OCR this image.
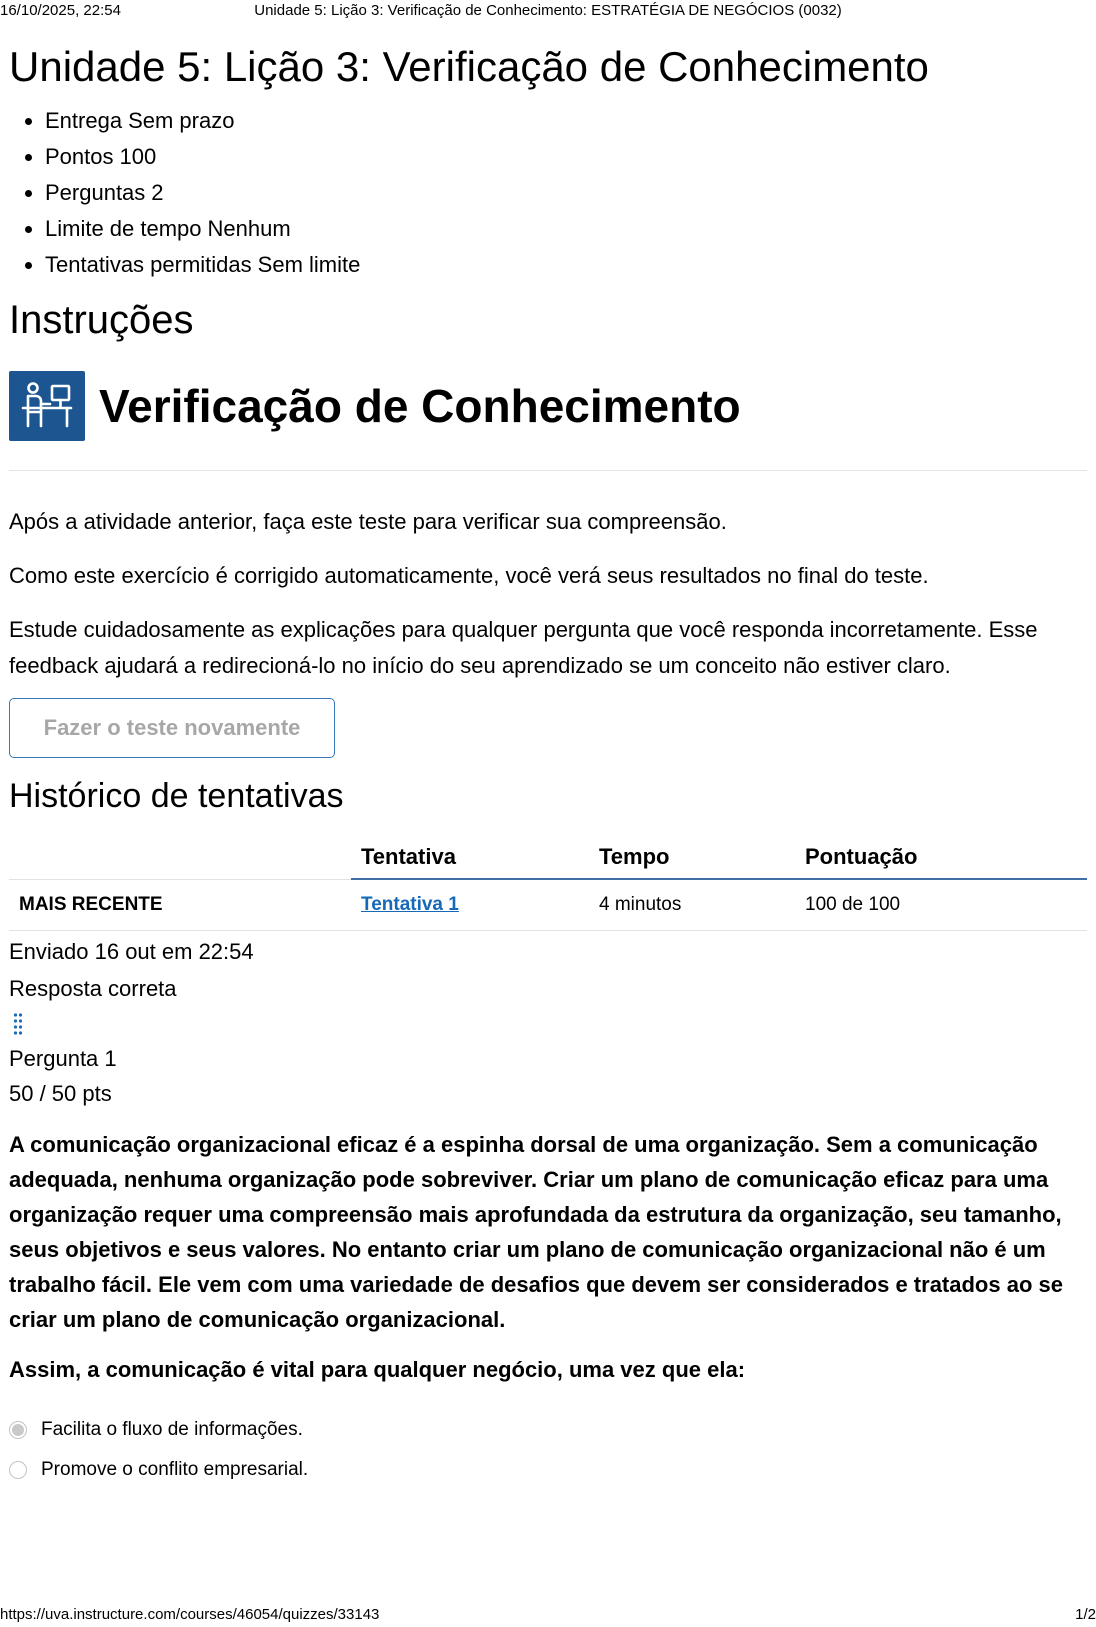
16/10/2025, 22:54	Unidade 5: Lição 3: Verificação de Conhecimento: ESTRATÉGIA DE NEGÓCIOS (0032)
Unidade 5: Lição 3: Verificação de Conhecimento
• Entrega Sem prazo
• Pontos 100
• Perguntas 2
• Limite de tempo Nenhum
• Tentativas permitidas Sem limite
Instruções
Verificação de Conhecimento

Após a atividade anterior, faça este teste para verificar sua compreensão.

Como este exercício é corrigido automaticamente, você verá seus resultados no final do teste.

Estude cuidadosamente as explicações para qualquer pergunta que você responda incorretamente. Esse feedback ajudará a redirecioná-lo no início do seu aprendizado se um conceito não estiver claro.

Fazer o teste novamente
Histórico de tentativas
	Tentativa	Tempo	Pontuação
MAIS RECENTE	Tentativa 1	4 minutos	100 de 100
Enviado 16 out em 22:54
Resposta correta
Pergunta 1
50 / 50 pts

A comunicação organizacional eficaz é a espinha dorsal de uma organização. Sem a comunicação adequada, nenhuma organização pode sobreviver. Criar um plano de comunicação eficaz para uma organização requer uma compreensão mais aprofundada da estrutura da organização, seu tamanho, seus objetivos e seus valores. No entanto criar um plano de comunicação organizacional não é um trabalho fácil. Ele vem com uma variedade de desafios que devem ser considerados e tratados ao se criar um plano de comunicação organizacional.

Assim, a comunicação é vital para qualquer negócio, uma vez que ela:

Facilita o fluxo de informações.
Promove o conflito empresarial.
https://uva.instructure.com/courses/46054/quizzes/33143	1/2
